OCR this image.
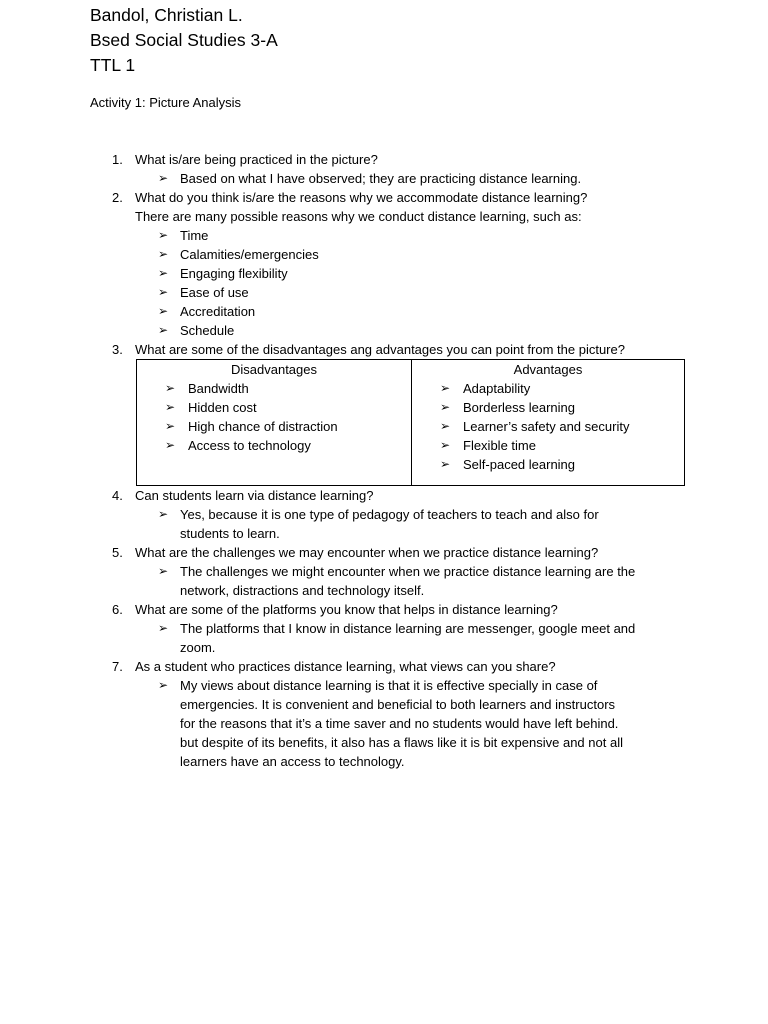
Bandol, Christian L.
Bsed Social Studies 3-A
TTL 1
Activity 1: Picture Analysis
1. What is/are being practiced in the picture?
➢ Based on what I have observed; they are practicing distance learning.
2. What do you think is/are the reasons why we accommodate distance learning?
There are many possible reasons why we conduct distance learning, such as:
➢ Time
➢ Calamities/emergencies
➢ Engaging flexibility
➢ Ease of use
➢ Accreditation
➢ Schedule
3. What are some of the disadvantages ang advantages you can point from the picture?
Disadvantages
➢ Bandwidth
➢ Hidden cost
➢ High chance of distraction
➢ Access to technology
Advantages
➢ Adaptability
➢ Borderless learning
➢ Learner’s safety and security
➢ Flexible time
➢ Self-paced learning
4. Can students learn via distance learning?
➢ Yes, because it is one type of pedagogy of teachers to teach and also for
students to learn.
5. What are the challenges we may encounter when we practice distance learning?
➢ The challenges we might encounter when we practice distance learning are the
network, distractions and technology itself.
6. What are some of the platforms you know that helps in distance learning?
➢ The platforms that I know in distance learning are messenger, google meet and
zoom.
7. As a student who practices distance learning, what views can you share?
➢ My views about distance learning is that it is effective specially in case of
emergencies. It is convenient and beneficial to both learners and instructors
for the reasons that it’s a time saver and no students would have left behind.
but despite of its benefits, it also has a flaws like it is bit expensive and not all
learners have an access to technology.
